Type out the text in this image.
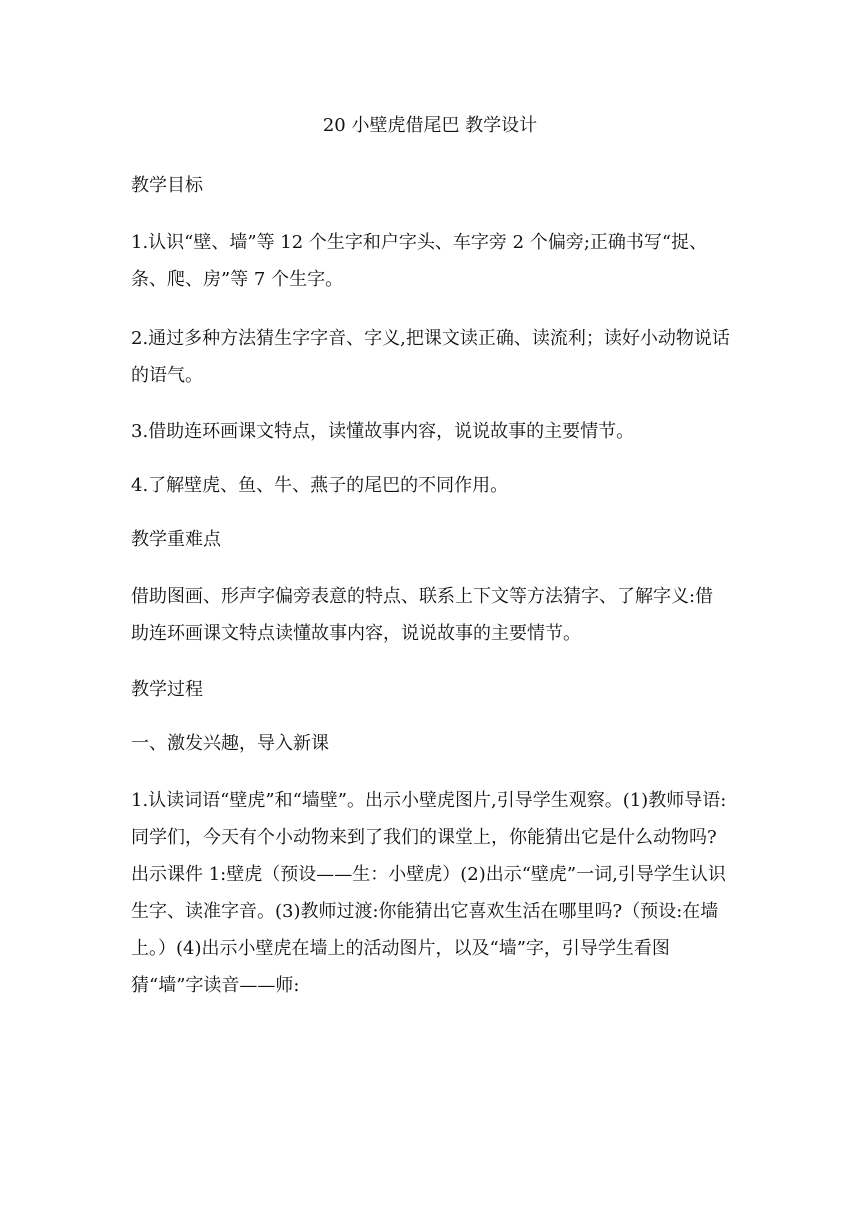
20 小壁虎借尾巴 教学设计

教学目标

1.认识“壁、墙”等 12 个生字和户字头、车字旁 2 个偏旁;正确书写“捉、条、爬、房”等 7 个生字。

2.通过多种方法猜生字字音、字义,把课文读正确、读流利；读好小动物说话的语气。

3.借助连环画课文特点，读懂故事内容，说说故事的主要情节。

4.了解壁虎、鱼、牛、燕子的尾巴的不同作用。

教学重难点

借助图画、形声字偏旁表意的特点、联系上下文等方法猜字、了解字义:借助连环画课文特点读懂故事内容，说说故事的主要情节。

教学过程

一、激发兴趣，导入新课

1.认读词语“壁虎”和“墙壁”。出示小壁虎图片,引导学生观察。(1)教师导语:同学们，今天有个小动物来到了我们的课堂上，你能猜出它是什么动物吗?出示课件 1:壁虎（预设——生：小壁虎）(2)出示“壁虎”一词,引导学生认识生字、读准字音。(3)教师过渡:你能猜出它喜欢生活在哪里吗?（预设:在墙上。）(4)出示小壁虎在墙上的活动图片，以及“墙”字，引导学生看图猜“墙”字读音——师:
